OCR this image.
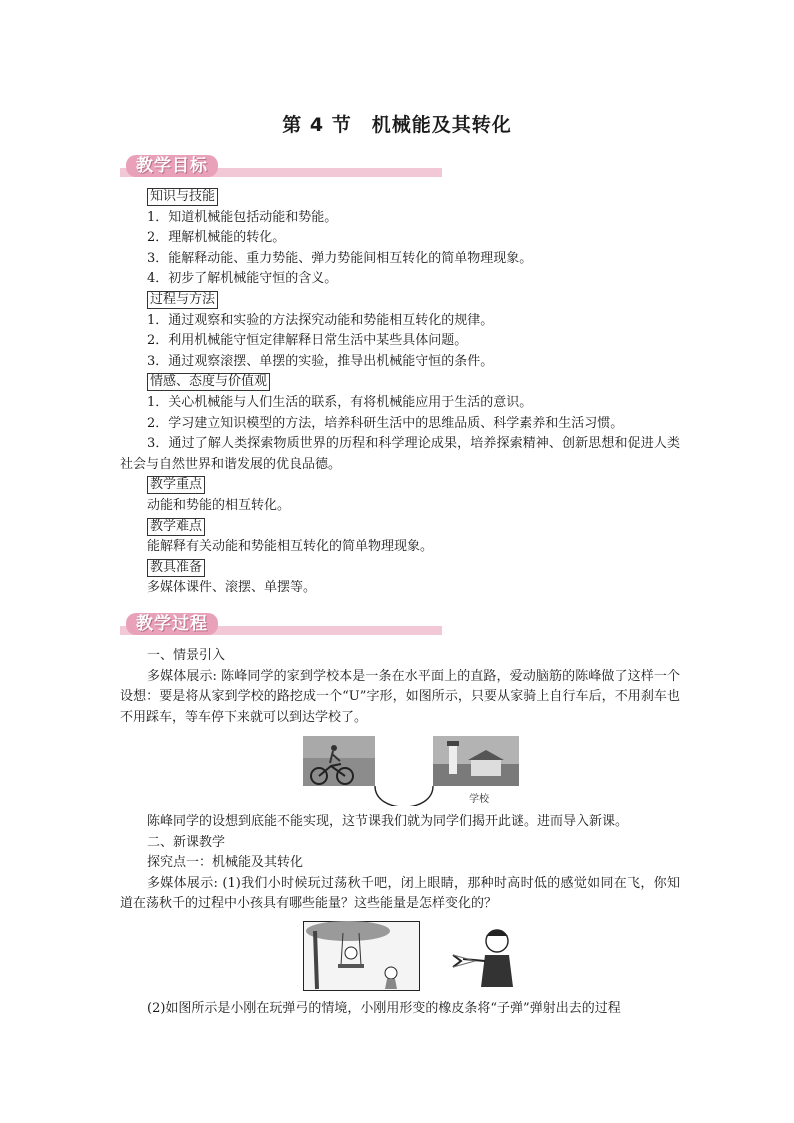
第 4 节　机械能及其转化
教学目标
知识与技能
1．知道机械能包括动能和势能。
2．理解机械能的转化。
3．能解释动能、重力势能、弹力势能间相互转化的简单物理现象。
4．初步了解机械能守恒的含义。
过程与方法
1．通过观察和实验的方法探究动能和势能相互转化的规律。
2．利用机械能守恒定律解释日常生活中某些具体问题。
3．通过观察滚摆、单摆的实验，推导出机械能守恒的条件。
情感、态度与价值观
1．关心机械能与人们生活的联系，有将机械能应用于生活的意识。
2．学习建立知识模型的方法，培养科研生活中的思维品质、科学素养和生活习惯。
3．通过了解人类探索物质世界的历程和科学理论成果，培养探索精神、创新思想和促进人类社会与自然世界和谐发展的优良品德。
教学重点
动能和势能的相互转化。
教学难点
能解释有关动能和势能相互转化的简单物理现象。
教具准备
多媒体课件、滚摆、单摆等。
教学过程
一、情景引入
多媒体展示: 陈峰同学的家到学校本是一条在水平面上的直路，爱动脑筋的陈峰做了这样一个设想：要是将从家到学校的路挖成一个“U”字形，如图所示，只要从家骑上自行车后，不用刹车也不用踩车，等车停下来就可以到达学校了。
学校
陈峰同学的设想到底能不能实现，这节课我们就为同学们揭开此谜。进而导入新课。
二、新课教学
探究点一：机械能及其转化
多媒体展示: (1)我们小时候玩过荡秋千吧，闭上眼睛，那种时高时低的感觉如同在飞，你知道在荡秋千的过程中小孩具有哪些能量？这些能量是怎样变化的？
(2)如图所示是小刚在玩弹弓的情境，小刚用形变的橡皮条将“子弹”弹射出去的过程
